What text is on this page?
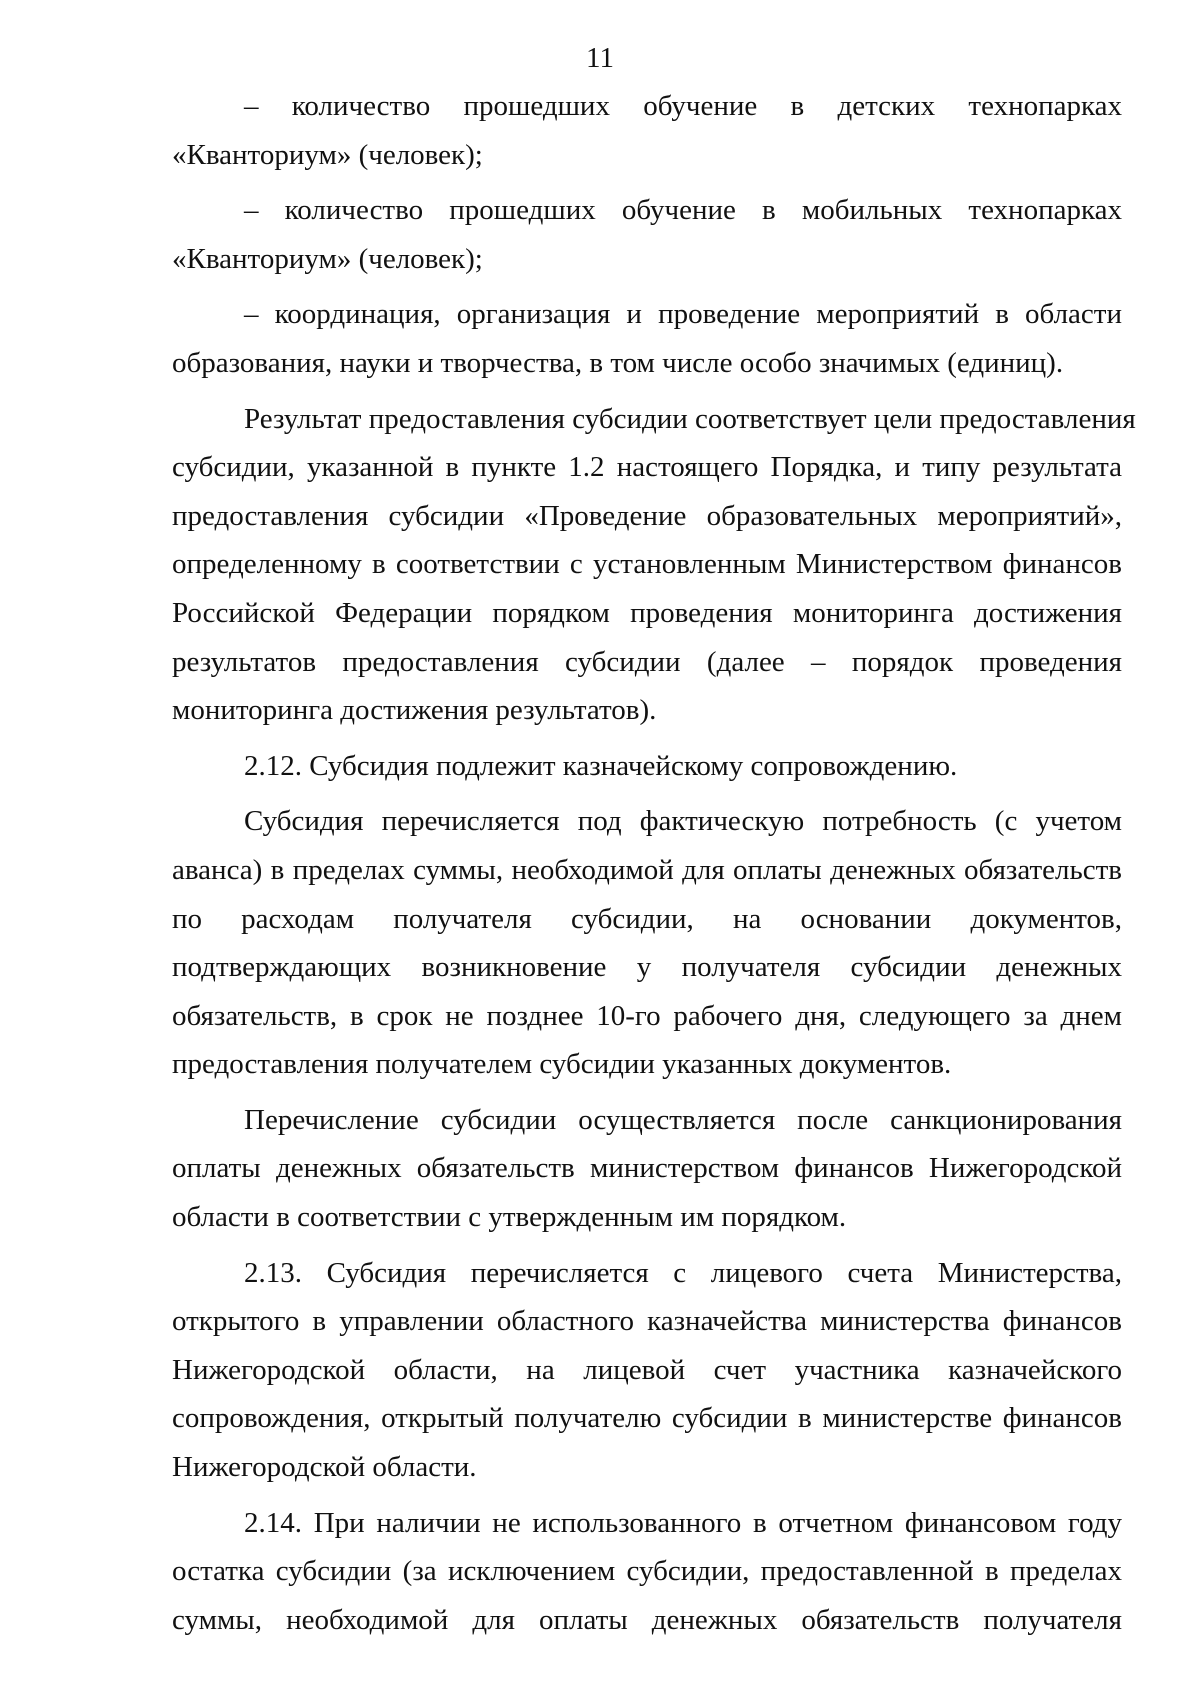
11
– количество прошедших обучение в детских технопарках
«Кванториум» (человек);
– количество прошедших обучение в мобильных технопарках
«Кванториум» (человек);
– координация, организация и проведение мероприятий в области
образования, науки и творчества, в том числе особо значимых (единиц).
Результат предоставления субсидии соответствует цели предоставления
субсидии, указанной в пункте 1.2 настоящего Порядка, и типу результата
предоставления субсидии «Проведение образовательных мероприятий»,
определенному в соответствии с установленным Министерством финансов
Российской Федерации порядком проведения мониторинга достижения
результатов предоставления субсидии (далее – порядок проведения
мониторинга достижения результатов).
2.12. Субсидия подлежит казначейскому сопровождению.
Субсидия перечисляется под фактическую потребность (с учетом
аванса) в пределах суммы, необходимой для оплаты денежных обязательств
по расходам получателя субсидии, на основании документов,
подтверждающих возникновение у получателя субсидии денежных
обязательств, в срок не позднее 10-го рабочего дня, следующего за днем
предоставления получателем субсидии указанных документов.
Перечисление субсидии осуществляется после санкционирования
оплаты денежных обязательств министерством финансов Нижегородской
области в соответствии с утвержденным им порядком.
2.13. Субсидия перечисляется с лицевого счета Министерства,
открытого в управлении областного казначейства министерства финансов
Нижегородской области, на лицевой счет участника казначейского
сопровождения, открытый получателю субсидии в министерстве финансов
Нижегородской области.
2.14. При наличии не использованного в отчетном финансовом году
остатка субсидии (за исключением субсидии, предоставленной в пределах
суммы, необходимой для оплаты денежных обязательств получателя
